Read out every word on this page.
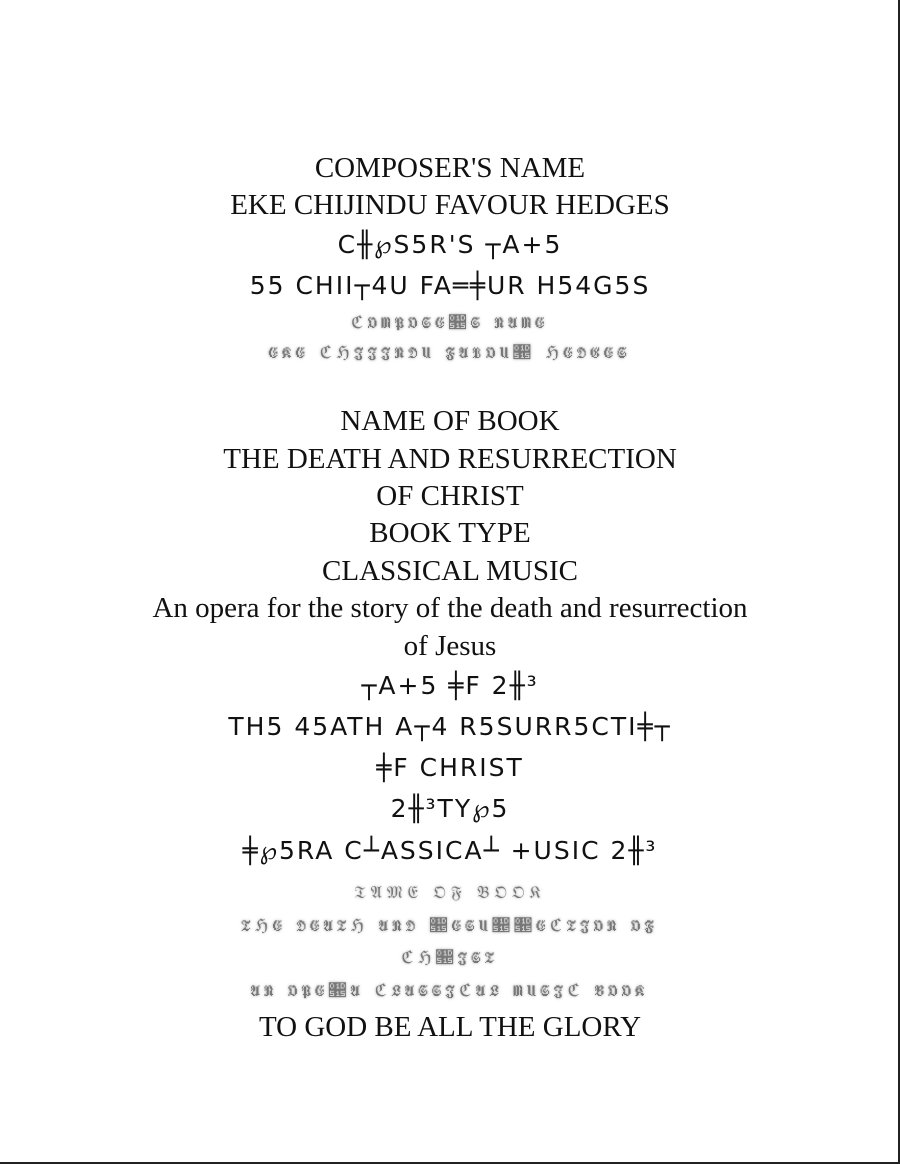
COMPOSER'S NAME
EKE CHIJINDU FAVOUR HEDGES
C╫℘S5R'S ┬A+5
55 CHII┬4U FA═╪UR H54G5S
ℭ𝔒𝔐𝔓𝔒𝔖𝔈𝔕𝔖 𝔑𝔄𝔐𝔈
𝔈𝔎𝔈 ℭℌ𝔍𝔍𝔍𝔑𝔇𝔘 𝔉𝔄𝔙𝔒𝔘𝔕 ℌ𝔈𝔇𝔊𝔈𝔖
NAME OF BOOK
THE DEATH AND RESURRECTION
OF CHRIST
BOOK TYPE
CLASSICAL MUSIC
An opera for the story of the death and resurrection
of Jesus
┬A+5 ╪F 2╫³
TH5 45ATH A┬4 R5SURR5CTI╪┬
╪F CHRIST
2╫³TY℘5
╪℘5RA C┴ASSICA┴ +USIC 2╫³
𝔗𝔄𝔐𝔈 𝔒𝔉 𝔅𝔒𝔒𝔎
𝔗ℌ𝔈 𝔇𝔈𝔄𝔗ℌ 𝔄𝔑𝔇 𝔕𝔈𝔖𝔘𝔕𝔕𝔈ℭ𝔗𝔍𝔒𝔑 𝔒𝔉
ℭℌ𝔕𝔍𝔖𝔗
𝔄𝔑 𝔒𝔓𝔈𝔕𝔄 ℭ𝔏𝔄𝔖𝔖𝔍ℭ𝔄𝔏 𝔐𝔘𝔖𝔍ℭ 𝔅𝔒𝔒𝔎
TO GOD BE ALL THE GLORY
